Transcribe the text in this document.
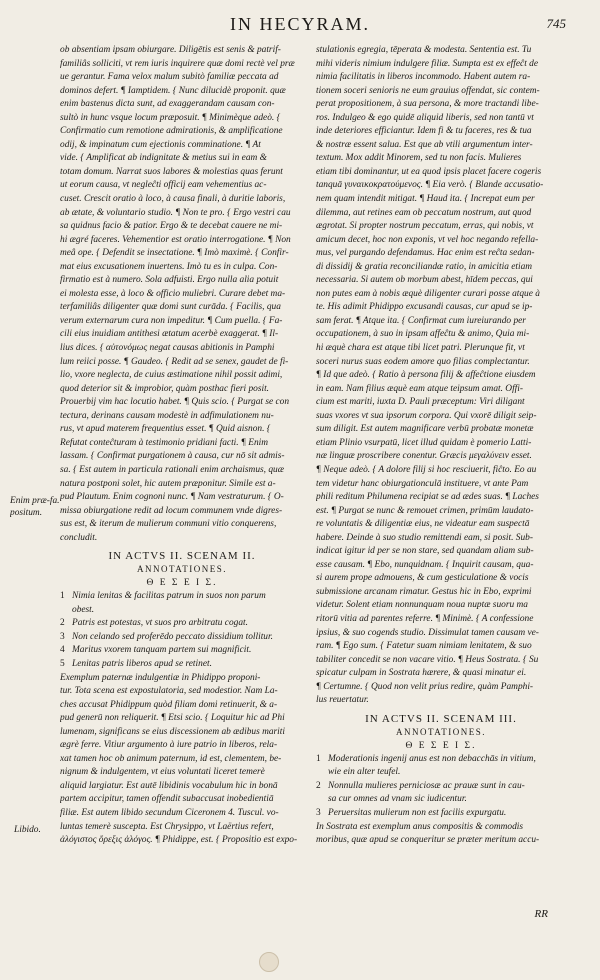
IN HECYRAM.	745
Enim præ-fa.
positum.
Libido.
ob absentiam ipsam obiurgare. Diligētis est senis & patrif-
familiâs solliciti, vt rem iuris inquirere quæ domi rectè vel præ
ue gerantur. Fama velox malum subitò familiæ peccata ad
dominos defert. ¶ Iamptidem. { Nunc dilucidè proponit. quæ
enim bastenus dicta sunt, ad exaggerandam causam con-
sultò in hunc vsque locum præposuit. ¶ Minimèque adeò. {
Confirmatio cum remotione admirationis, & amplificatione
odij, & impinatum cum ejectionis comminatione. ¶ At
vide. { Amplificat ab indignitate & metius sui in eam &
totam domum. Narrat suos labores & molestias quas ferunt
ut eorum causa, vt negleĉti officij eam vehementius ac-
cuset. Crescit oratio à loco, à causa finali, à duritie laboris,
ab ætate, & voluntario studio. ¶ Non te pro. { Ergo vestri cau
sa quidnus facio & patior. Ergo & te decebat cauere ne mi-
hi ægré faceres. Vehementior est oratio interrogatione. ¶ Non
meâ ope. { Defendit se insectatione. ¶ Imò maximè. { Confir-
mat eius excusationem inuertens. Imò tu es in culpa. Con-
firmatio est à numero. Sola adfuisti. Ergo nulla alia potuit
ei molesta esse, à loco & officio muliebri. Curare debet ma-
terfamiliâs diligenter quæ domi sunt curāda. { Facilis, qua
verum externarum cura non impeditur. ¶ Cum puella. { Fa-
cili eius inuidiam antithesi ætatum acerbè exaggerat. ¶ Il-
lius dices. { αὐτονόμως negat causas abitionis in Pamphi
lum reiici posse. ¶ Gaudeo. { Redit ad se senex, gaudet de fi-
lio, vxore neglecta, de cuius æstimatione nihil possit adimi,
quod deterior sit & improbior, quàm posthac fieri posit.
Prouerbij vim hac locutio habet. ¶ Quis scio. { Purgat se con
tectura, derinans causam modestè in adfimulationem nu-
rus, vt apud materem frequentius esset. ¶ Quid aisnon. {
Refutat conteĉturam à testimonio pridiani facti. ¶ Enim
lassam. { Confirmat purgationem à causa, cur nō sit admis-
sa. { Est autem in particula rationali enim archaismus, quæ
natura postponi solet, hic autem præponitur. Simile est a-
pud Plautum. Enim cognoni nunc. ¶ Nam vestraturum. { O-
missa obiurgatione redit ad locum communem vnde digres-
sus est, & iterum de mulierum communi vitio conquerens,
concludit.
IN ACTVS II. SCENAM II.
ANNOTATIONES.
Θ Ε Σ Ε Ι Σ.
1 Nimia lenitas & facilitas patrum in suos non parum
obest.
2 Patris est potestas, vt suos pro arbitratu cogat.
3 Non celando sed proferēdo peccato dissidium tollitur.
4 Maritus vxorem tanquam partem sui magnificit.
5 Lenitas patris liberos apud se retinet.
Exemplum paternæ indulgentiæ in Phidippo proponi-
tur. Tota scena est expostulatoria, sed modestior. Nam La-
ches accusat Phidippum quòd filiam domi retinuerit, & a-
pud generū non reliquerit. ¶ Etsi scio. { Loquitur hic ad Phi
lumenam, significans se eius discessionem ab ædibus mariti
ægrè ferre. Vitiur argumento à iure patrio in liberos, rela-
xat tamen hoc ob animum paternum, id est, clementem, be-
nignum & indulgentem, vt eius voluntati liceret temerè
aliquid largiatur. Est autē libidinis vocabulum hic in bonā
partem accipitur, tamen offendit subaccusat inobedientiā
filiæ. Est autem libido secundum Ciceronem 4. Tuscul. vo-
luntas temerè suscepta. Est Chrysippo, vt Laërtius refert,
ἀλόγιστος ὄρεξις ἀλόγος. ¶ Phidippe, est. { Propositio est expo-
stulationis egregia, tēperata & modesta. Sententia est. Tu
mihi videris nimium indulgere filiæ. Sumpta est ex effeĉt de
nimia facilitatis in liberos incommodo. Habent autem ra-
tionem soceri senioris ne eum grauius offendat, sic contem-
perat propositionem, à sua persona, & more tractandi libe-
ros. Indulgeo & ego quidē aliquid liberis, sed non tantū vt
inde deteriores efficiantur. Idem fi & tu faceres, res & tua
& nostræ essent salua. Est que ab vtili argumentum inter-
textum. Mox addit Minorem, sed tu non facis. Mulieres
etiam tibi dominantur, ut ea quod ipsis placet facere cogeris
tanquā γυναικοκρατούμενος. ¶ Eia verò. { Blande accusatio-
nem quam intendit mitigat. ¶ Haud ita. { Increpat eum per
dilemma, aut retines eam ob peccatum nostrum, aut quod
ægrotat. Si propter nostrum peccatum, erras, qui nobis, vt
amicum decet, hoc non exponis, vt vel hoc negando refella-
mus, vel purgando defendamus. Hac enim est reĉta sedan-
di dissidij & gratia reconciliandæ ratio, in amicitia etiam
necessaria. Si autem ob morbum abest, hīdem peccas, qui
non putes eam à nobis æquè diligenter curari posse atque à
te. His adimit Phidippo excusandi causas, cur apud se ip-
sam ferat. ¶ Atque ita. { Confirmat cum iureiurando per
occupationem, à suo in ipsam affeĉtu & animo, Quia mi-
hi æquè chara est atque tibi licet patri. Plerunque fit, vt
soceri nurus suas eodem amore quo filias complectantur.
¶ Id que adeò. { Ratio à persona filij & affeĉtione eiusdem
in eam. Nam filius æquè eam atque teipsum amat. Offi-
cium est mariti, iuxta D. Pauli præceptum: Viri diligant
suas vxores vt sua ipsorum corpora. Qui vxorē diligit seip-
sum diligit. Est autem magnificare verbū probatæ monetæ
etiam Plinio vsurpatū, licet illud quidam è pomerio Latti-
næ linguæ proscribere conentur. Græcis μεγαλύνειν esset.
¶ Neque adeò. { A dolore filij si hoc resciuerit, fiĉto. Eo au
tem videtur hanc obiurgationculā instituere, vt ante Pam
phili reditum Philumena recipiat se ad ædes suas. ¶ Laches
est. ¶ Purgat se nunc & remouet crimen, primūm laudato-
re voluntatis & diligentiæ eius, ne videatur eam suspectā
habere. Deinde à suo studio remittendi eam, si posit. Sub-
indicat igitur id per se non stare, sed quandam aliam sub-
esse causam. ¶ Ebo, nunquidnam. { Inquirit causam, qua-
si aurem prope admouens, & cum gesticulatione & vocis
submissione arcanam rimatur. Gestus hic in Ebo, exprimi
videtur. Solent etiam nonnunquam noua nuptæ suoru ma
ritorū vitia ad parentes referre. ¶ Minimè. { A confessione
ipsius, & suo cogends studio. Dissimulat tamen causam ve-
ram. ¶ Ego sum. { Fatetur suam nimiam lenitatem, & suo
tabiliter concedit se non vacare vitio. ¶ Heus Sostrata. { Su
spicatur culpam in Sostrata hærere, & quasi minatur ei.
¶ Certumne. { Quod non velit prius redire, quàm Pamphi-
lus reuertatur.
IN ACTVS II. SCENAM III.
ANNOTATIONES.
Θ Ε Σ Ε Ι Σ.
1 Moderationis ingenij anus est non debacchās in vitium,
wie ein alter teufel.
2 Nonnulla mulieres perniciosæ ac prauæ sunt in cau-
sa cur omnes ad vnam sic iudicentur.
3 Peruersitas mulierum non est facilis expurgatu.
In Sostrata est exemplum anus compositis & commodis
moribus, quæ apud se conqueritur se præter meritum accu-
RR
